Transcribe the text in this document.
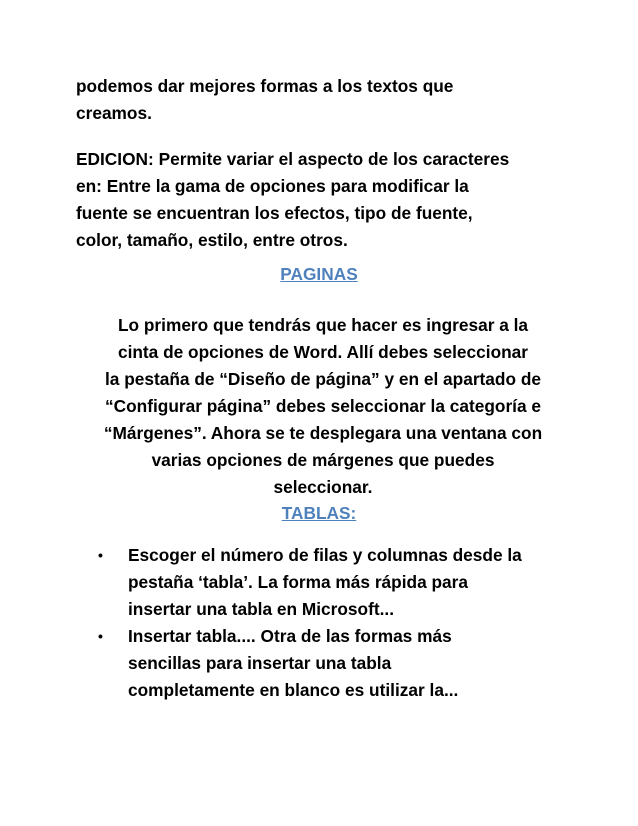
podemos dar mejores formas a los textos que
creamos.

EDICION: Permite variar el aspecto de los caracteres
en: Entre la gama de opciones para modificar la
fuente se encuentran los efectos, tipo de fuente,
color, tamaño, estilo, entre otros.

PAGINAS

Lo primero que tendrás que hacer es ingresar a la
cinta de opciones de Word. Allí debes seleccionar
la pestaña de “Diseño de página” y en el apartado de
“Configurar página” debes seleccionar la categoría e
“Márgenes”. Ahora se te desplegara una ventana con
varias opciones de márgenes que puedes
seleccionar.

TABLAS:

• Escoger el número de filas y columnas desde la
pestaña ‘tabla’. La forma más rápida para
insertar una tabla en Microsoft...
• Insertar tabla.... Otra de las formas más
sencillas para insertar una tabla
completamente en blanco es utilizar la...
